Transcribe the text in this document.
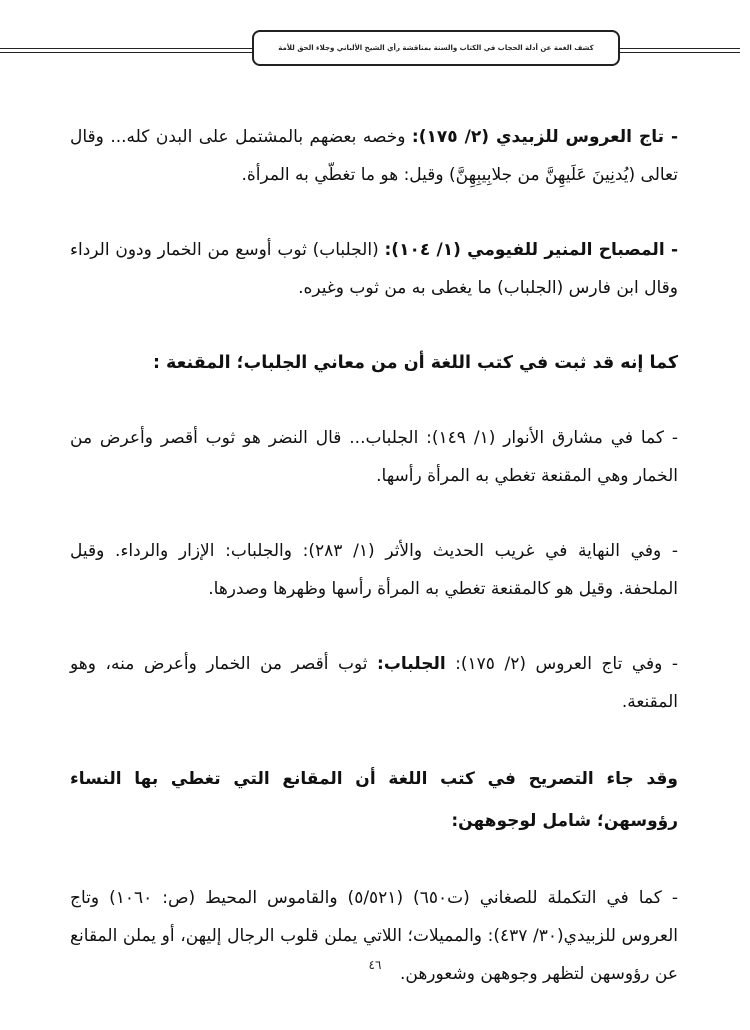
كشف الغمة عن أدلة الحجاب في الكتاب والسنة بمناقشة رأي الشيخ الألباني وجلاء الحق للأمة

- تاج العروس للزبيدي (٢/ ١٧٥): وخصه بعضهم بالمشتمل على البدن كله... وقال تعالى (يُدنِينَ عَلَيهِنَّ من جلابِيبِهِنَّ) وقيل: هو ما تغطّي به المرأة.

- المصباح المنير للفيومي (١/ ١٠٤): (الجلباب) ثوب أوسع من الخمار ودون الرداء وقال ابن فارس (الجلباب) ما يغطى به من ثوب وغيره.

كما إنه قد ثبت في كتب اللغة أن من معاني الجلباب؛ المقنعة :

- كما في مشارق الأنوار (١/ ١٤٩): الجلباب... قال النضر هو ثوب أقصر وأعرض من الخمار وهي المقنعة تغطي به المرأة رأسها.

- وفي النهاية في غريب الحديث والأثر (١/ ٢٨٣): والجلباب: الإزار والرداء. وقيل الملحفة. وقيل هو كالمقنعة تغطي به المرأة رأسها وظهرها وصدرها.

- وفي تاج العروس (٢/ ١٧٥): الجلباب: ثوب أقصر من الخمار وأعرض منه، وهو المقنعة.

وقد جاء التصريح في كتب اللغة أن المقانع التي تغطي بها النساء رؤوسهن؛ شامل لوجوههن:

- كما في التكملة للصغاني (ت٦٥٠) (٥/٥٢١) والقاموس المحيط (ص: ١٠٦٠) وتاج العروس للزبيدي(٣٠/ ٤٣٧): والمميلات؛ اللاتي يملن قلوب الرجال إليهن، أو يملن المقانع عن رؤوسهن لتظهر وجوههن وشعورهن.

٤٦
